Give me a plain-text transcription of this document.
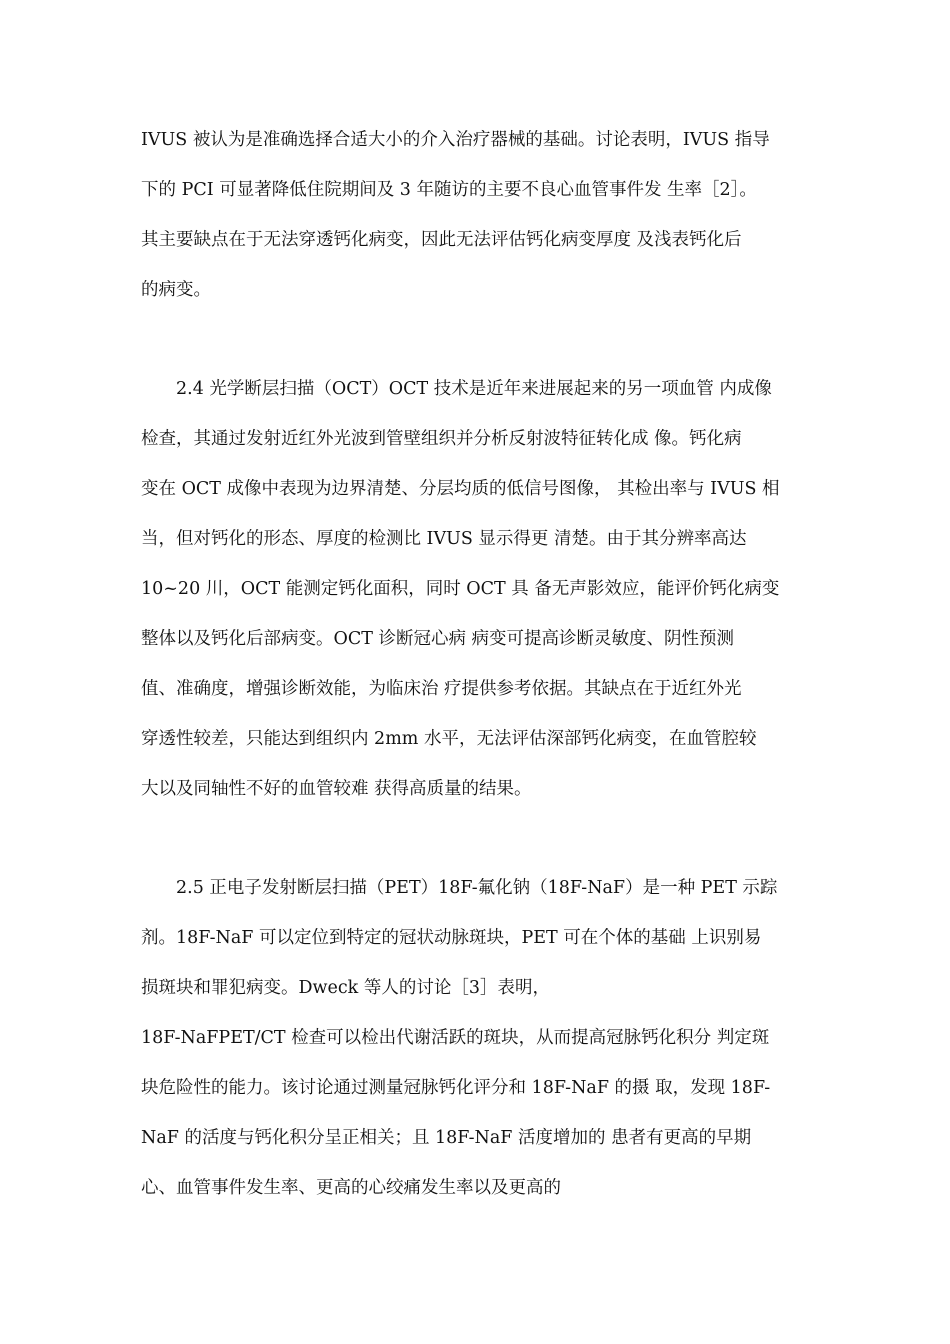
IVUS 被认为是准确选择合适大小的介入治疗器械的基础。讨论表明，IVUS 指导
下的 PCI 可显著降低住院期间及 3 年随访的主要不良心血管事件发 生率［2］。
其主要缺点在于无法穿透钙化病变，因此无法评估钙化病变厚度 及浅表钙化后
的病变。
2.4 光学断层扫描（OCT）OCT 技术是近年来进展起来的另一项血管 内成像
检查，其通过发射近红外光波到管壁组织并分析反射波特征转化成 像。钙化病
变在 OCT 成像中表现为边界清楚、分层均质的低信号图像， 其检出率与 IVUS 相
当，但对钙化的形态、厚度的检测比 IVUS 显示得更 清楚。由于其分辨率高达
10~20 川，OCT 能测定钙化面积，同时 OCT 具 备无声影效应，能评价钙化病变
整体以及钙化后部病变。OCT 诊断冠心病 病变可提高诊断灵敏度、阴性预测
值、准确度，增强诊断效能，为临床治 疗提供参考依据。其缺点在于近红外光
穿透性较差，只能达到组织内 2mm 水平，无法评估深部钙化病变，在血管腔较
大以及同轴性不好的血管较难 获得高质量的结果。
2.5 正电子发射断层扫描（PET）18F-氟化钠（18F-NaF）是一种 PET 示踪
剂。18F-NaF 可以定位到特定的冠状动脉斑块，PET 可在个体的基础 上识别易
损斑块和罪犯病变。Dweck 等人的讨论［3］表明，
18F-NaFPET/CT 检查可以检出代谢活跃的斑块，从而提高冠脉钙化积分 判定斑
块危险性的能力。该讨论通过测量冠脉钙化评分和 18F-NaF 的摄 取，发现 18F-
NaF 的活度与钙化积分呈正相关；且 18F-NaF 活度增加的 患者有更高的早期
心、血管事件发生率、更高的心绞痛发生率以及更高的
